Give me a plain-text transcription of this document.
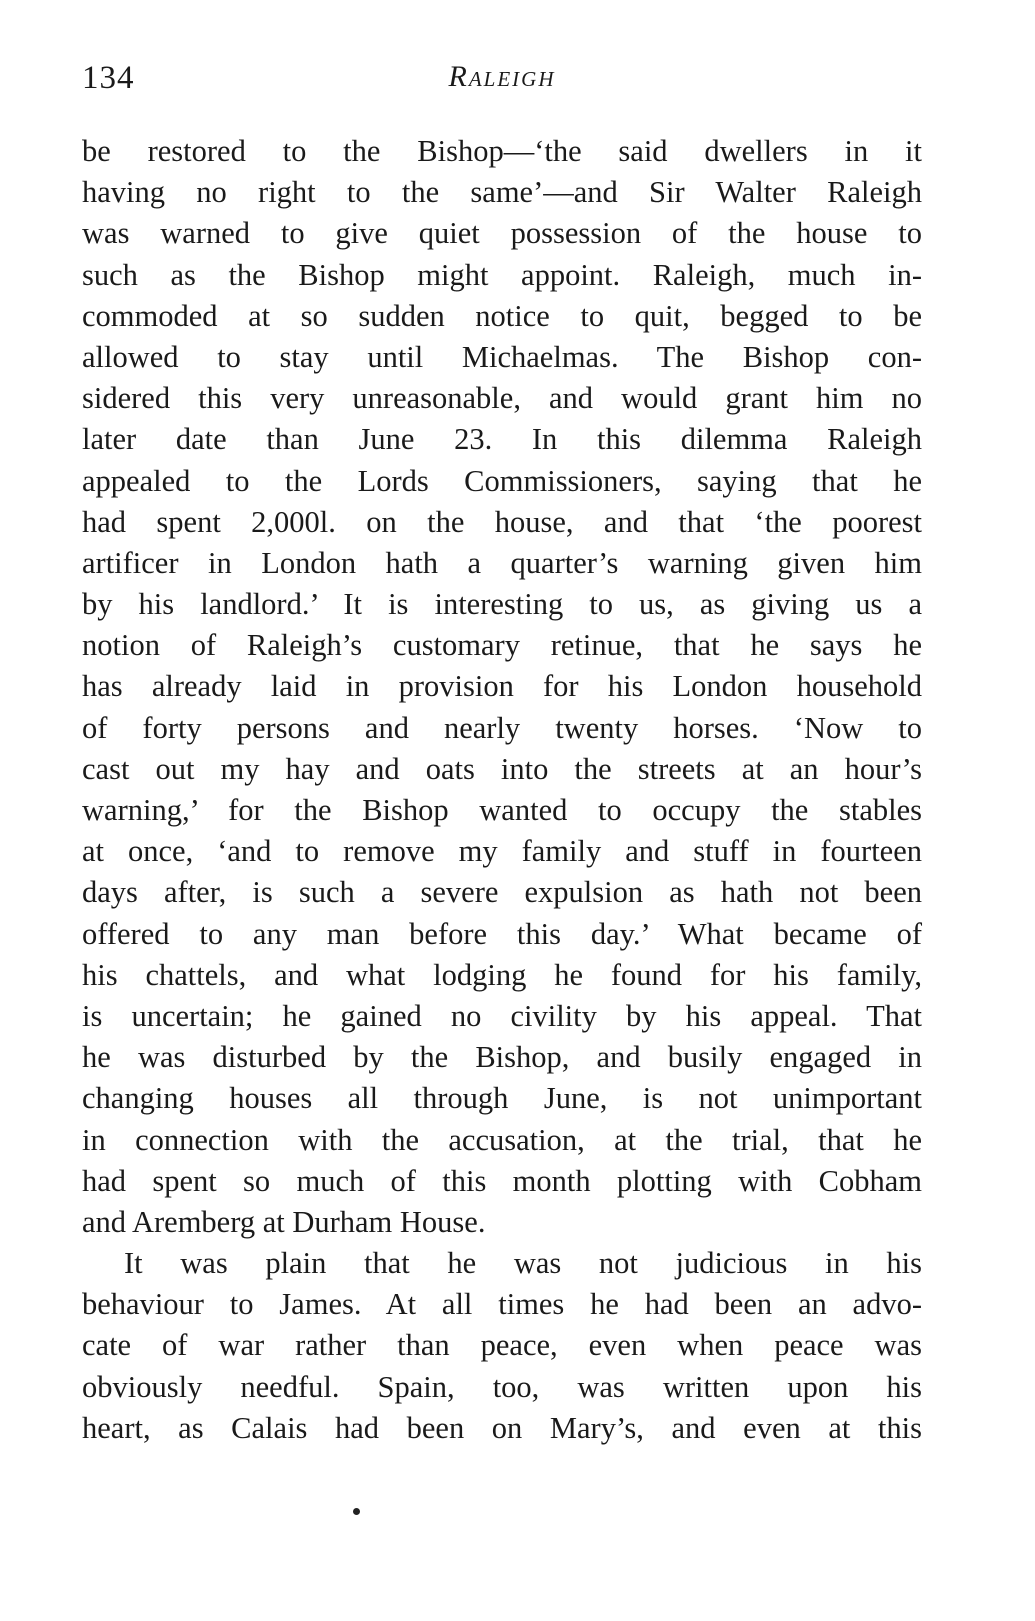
134	Raleigh
be restored to the Bishop—‘the said dwellers in it
having no right to the same’—and Sir Walter Raleigh
was warned to give quiet possession of the house to
such as the Bishop might appoint. Raleigh, much in-
commoded at so sudden notice to quit, begged to be
allowed to stay until Michaelmas. The Bishop con-
sidered this very unreasonable, and would grant him no
later date than June 23. In this dilemma Raleigh
appealed to the Lords Commissioners, saying that he
had spent 2,000l. on the house, and that ‘the poorest
artificer in London hath a quarter’s warning given him
by his landlord.’ It is interesting to us, as giving us a
notion of Raleigh’s customary retinue, that he says he
has already laid in provision for his London household
of forty persons and nearly twenty horses. ‘Now to
cast out my hay and oats into the streets at an hour’s
warning,’ for the Bishop wanted to occupy the stables
at once, ‘and to remove my family and stuff in fourteen
days after, is such a severe expulsion as hath not been
offered to any man before this day.’ What became of
his chattels, and what lodging he found for his family,
is uncertain; he gained no civility by his appeal. That
he was disturbed by the Bishop, and busily engaged in
changing houses all through June, is not unimportant
in connection with the accusation, at the trial, that he
had spent so much of this month plotting with Cobham
and Aremberg at Durham House.
It was plain that he was not judicious in his
behaviour to James. At all times he had been an advo-
cate of war rather than peace, even when peace was
obviously needful. Spain, too, was written upon his
heart, as Calais had been on Mary’s, and even at this
